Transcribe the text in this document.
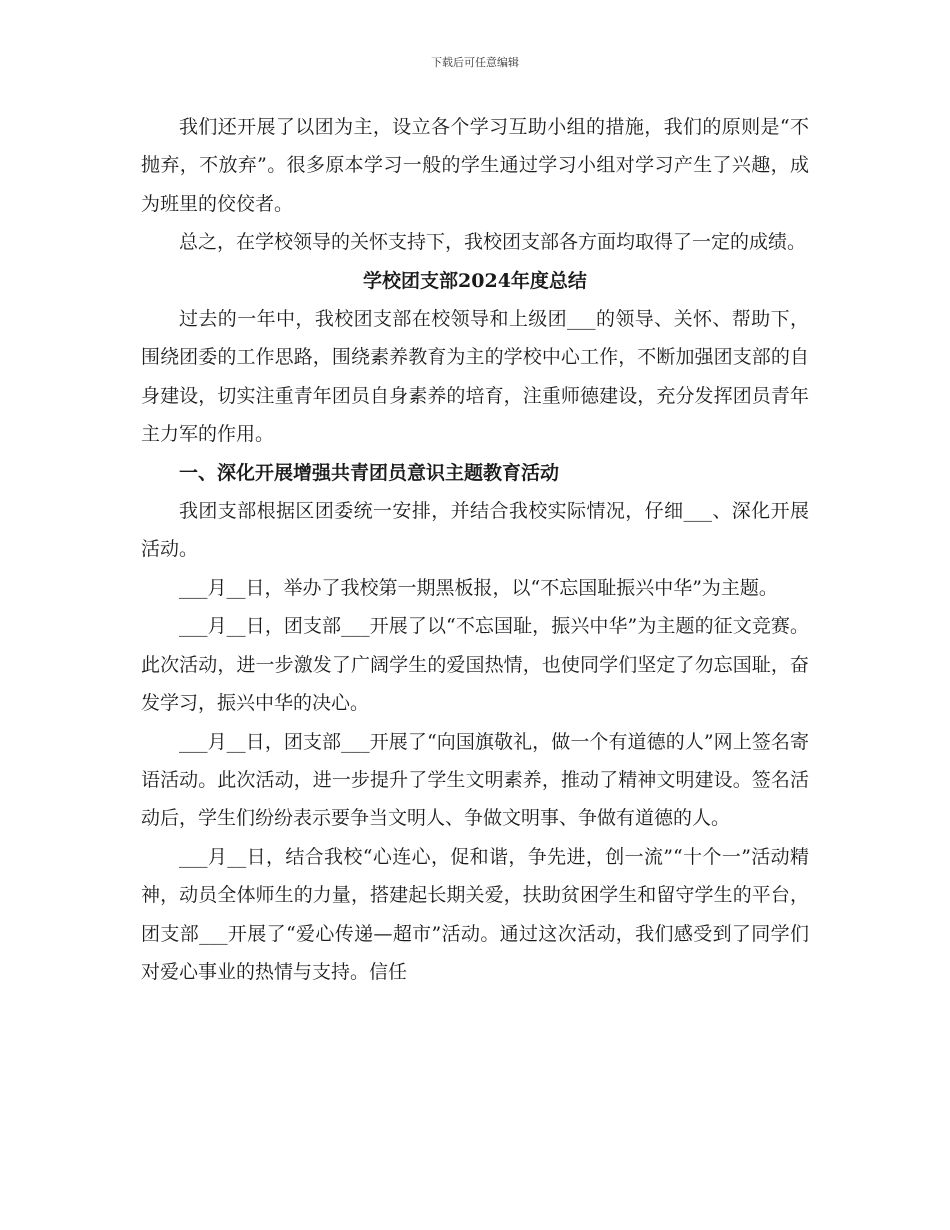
下载后可任意编辑

我们还开展了以团为主，设立各个学习互助小组的措施，我们的原则是“不抛弃，不放弃”。很多原本学习一般的学生通过学习小组对学习产生了兴趣，成为班里的佼佼者。

总之，在学校领导的关怀支持下，我校团支部各方面均取得了一定的成绩。

学校团支部2024年度总结

过去的一年中，我校团支部在校领导和上级团___的领导、关怀、帮助下，围绕团委的工作思路，围绕素养教育为主的学校中心工作，不断加强团支部的自身建设，切实注重青年团员自身素养的培育，注重师德建设，充分发挥团员青年主力军的作用。

一、深化开展增强共青团员意识主题教育活动

我团支部根据区团委统一安排，并结合我校实际情况，仔细___、深化开展活动。

___月__日，举办了我校第一期黑板报，以“不忘国耻振兴中华”为主题。

___月__日，团支部___开展了以“不忘国耻，振兴中华”为主题的征文竞赛。此次活动，进一步激发了广阔学生的爱国热情，也使同学们坚定了勿忘国耻，奋发学习，振兴中华的决心。

___月__日，团支部___开展了“向国旗敬礼，做一个有道德的人”网上签名寄语活动。此次活动，进一步提升了学生文明素养，推动了精神文明建设。签名活动后，学生们纷纷表示要争当文明人、争做文明事、争做有道德的人。

___月__日，结合我校“心连心，促和谐，争先进，创一流”“十个一”活动精神，动员全体师生的力量，搭建起长期关爱，扶助贫困学生和留守学生的平台，团支部___开展了“爱心传递—超市”活动。通过这次活动，我们感受到了同学们对爱心事业的热情与支持。信任
